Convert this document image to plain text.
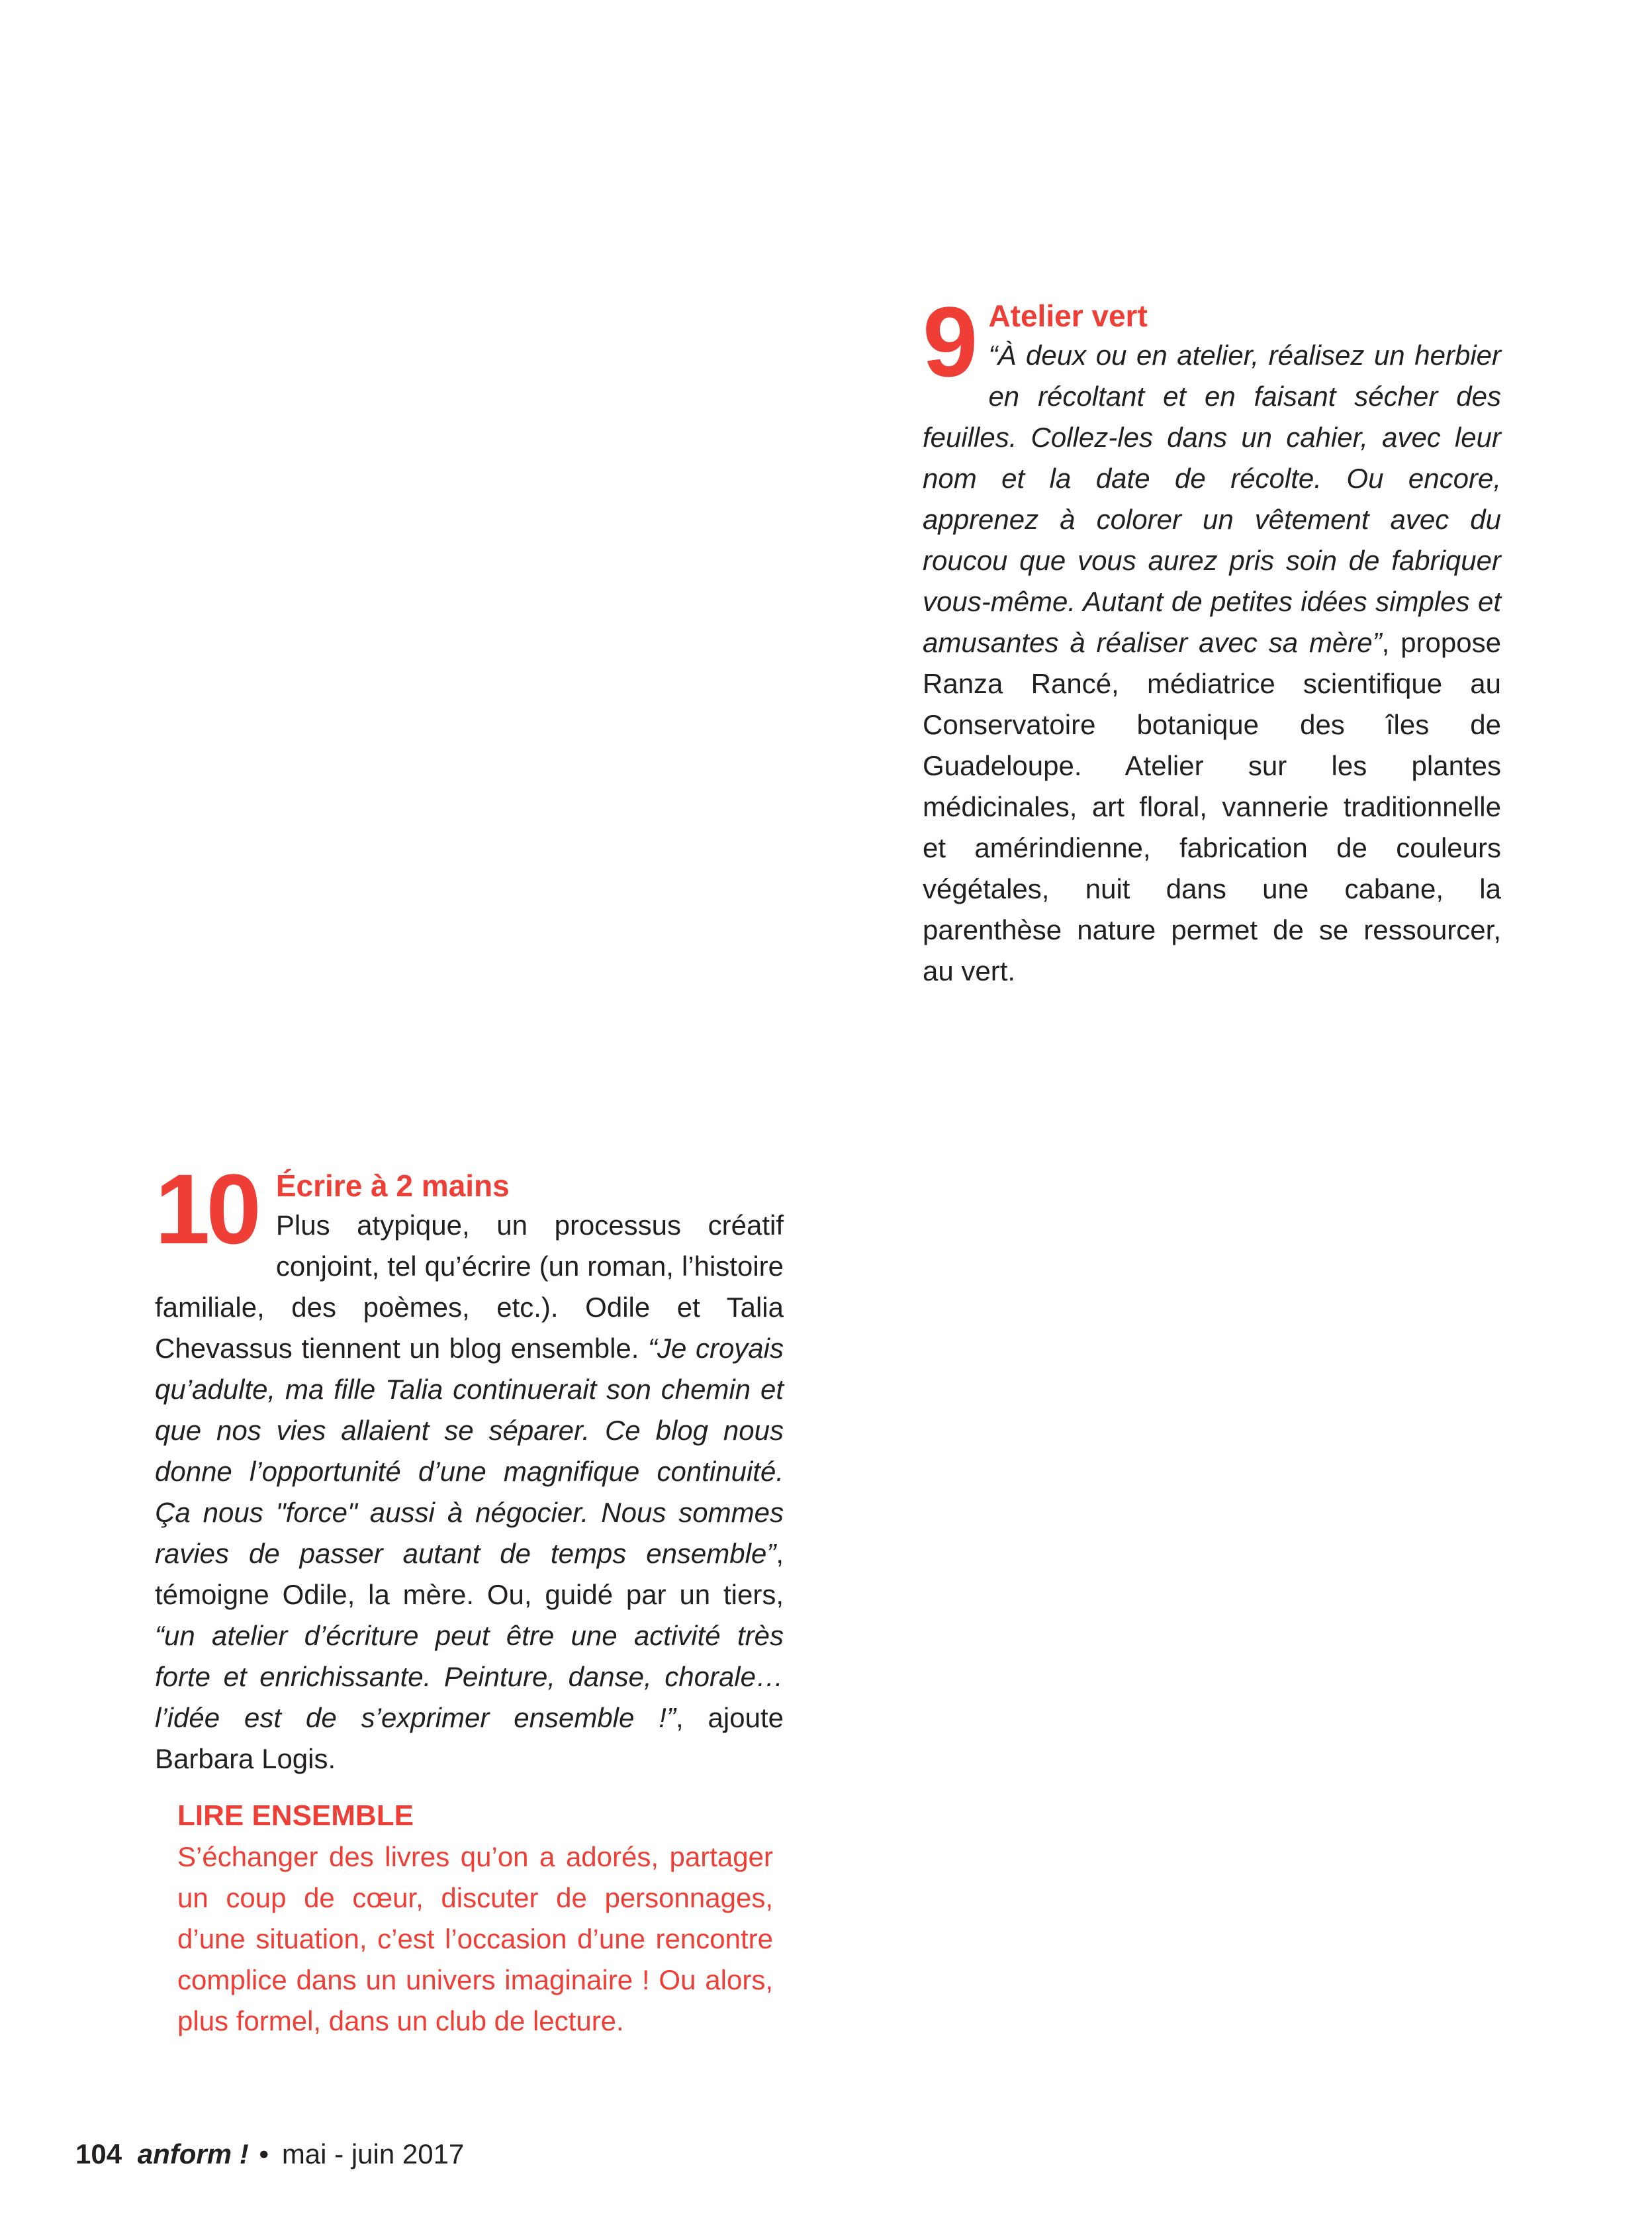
9 Atelier vert
“À deux ou en atelier, réalisez un herbier en récoltant et en faisant sécher des feuilles. Collez-les dans un cahier, avec leur nom et la date de récolte. Ou encore, apprenez à colorer un vêtement avec du roucou que vous aurez pris soin de fabriquer vous-même. Autant de petites idées simples et amusantes à réaliser avec sa mère”, propose Ranza Rancé, médiatrice scientifique au Conservatoire botanique des îles de Guadeloupe. Atelier sur les plantes médicinales, art floral, vannerie traditionnelle et amérindienne, fabrication de couleurs végétales, nuit dans une cabane, la parenthèse nature permet de se ressourcer, au vert.
10 Écrire à 2 mains
Plus atypique, un processus créatif conjoint, tel qu’écrire (un roman, l’histoire familiale, des poèmes, etc.). Odile et Talia Chevassus tiennent un blog ensemble. “Je croyais qu’adulte, ma fille Talia continuerait son chemin et que nos vies allaient se séparer. Ce blog nous donne l’opportunité d’une magnifique continuité. Ça nous "force" aussi à négocier. Nous sommes ravies de passer autant de temps ensemble”, témoigne Odile, la mère. Ou, guidé par un tiers, “un atelier d’écriture peut être une activité très forte et enrichissante. Peinture, danse, chorale… l’idée est de s’exprimer ensemble !”, ajoute Barbara Logis.
LIRE ENSEMBLE
S’échanger des livres qu’on a adorés, partager un coup de cœur, discuter de personnages, d’une situation, c’est l’occasion d’une rencontre complice dans un univers imaginaire ! Ou alors, plus formel, dans un club de lecture.
104 anform ! • mai - juin 2017
